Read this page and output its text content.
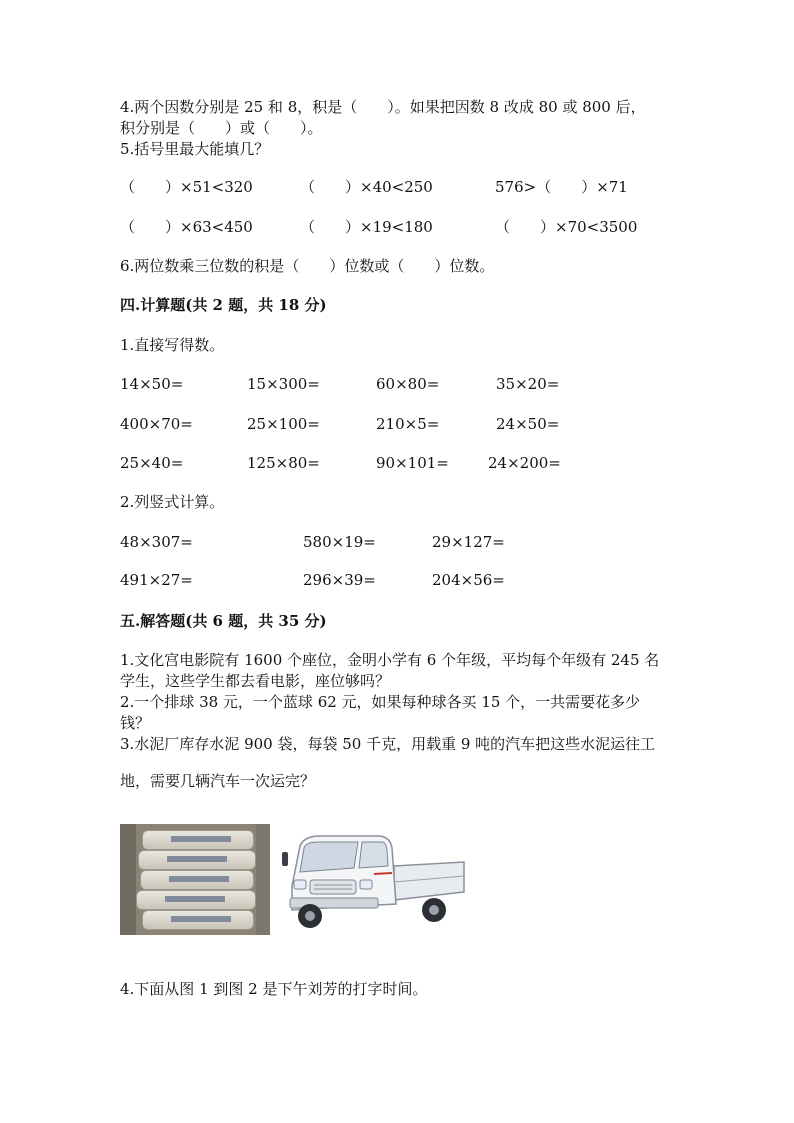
4.两个因数分别是 25 和 8，积是（　　）。如果把因数 8 改成 80 或 800 后，
积分别是（　　）或（　　）。
5.括号里最大能填几？
（　　）×51<320	（　　）×40<250	576>（　　）×71
（　　）×63<450	（　　）×19<180	（　　）×70<3500
6.两位数乘三位数的积是（　　）位数或（　　）位数。
四.计算题(共 2 题，共 18 分)
1.直接写得数。
14×50=	15×300=	60×80=	35×20=
400×70=	25×100=	210×5=	24×50=
25×40=	125×80=	90×101=	24×200=
2.列竖式计算。
48×307=	580×19=	29×127=
491×27=	296×39=	204×56=
五.解答题(共 6 题，共 35 分)
1.文化宫电影院有 1600 个座位，金明小学有 6 个年级，平均每个年级有 245 名
学生，这些学生都去看电影，座位够吗？
2.一个排球 38 元，一个蓝球 62 元，如果每种球各买 15 个，一共需要花多少
钱？
3.水泥厂库存水泥 900 袋，每袋 50 千克，用载重 9 吨的汽车把这些水泥运往工
地，需要几辆汽车一次运完？
4.下面从图 1 到图 2 是下午刘芳的打字时间。
